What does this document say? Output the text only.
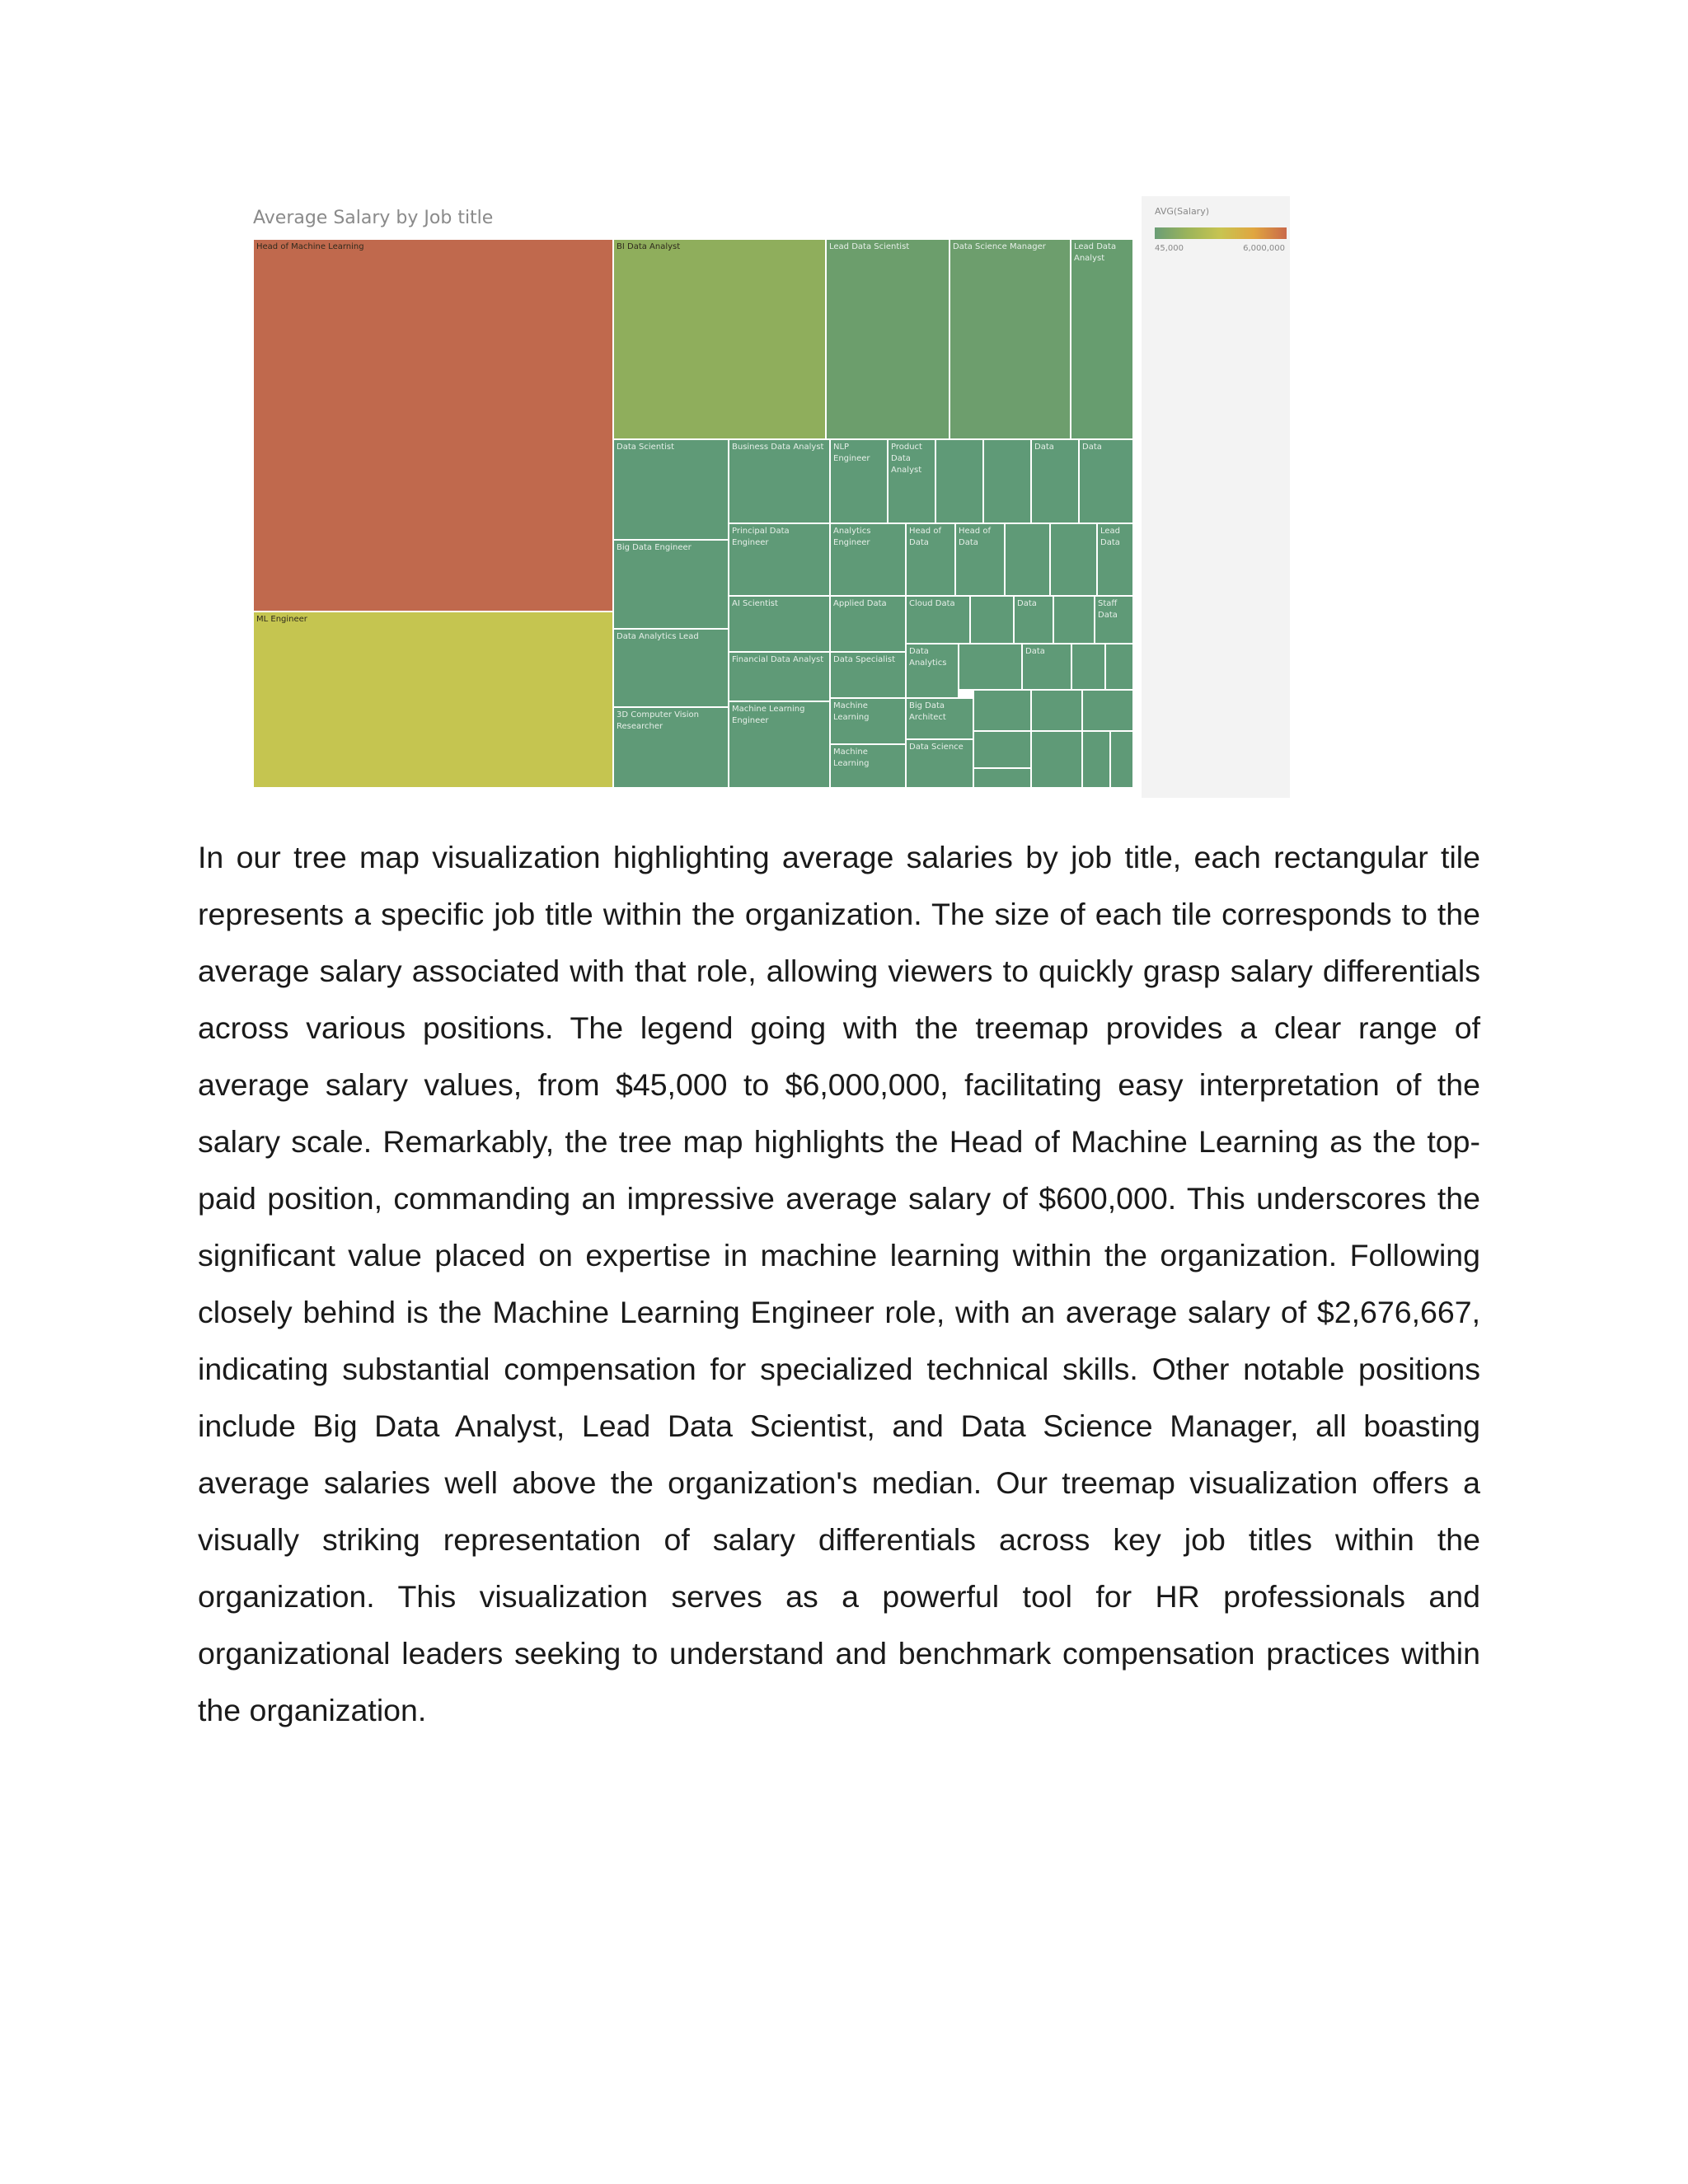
Average Salary by Job title
Head of Machine Learning
ML Engineer
BI Data Analyst	Lead Data Scientist	Data Science Manager	Lead Data Analyst
Data Scientist	Business Data Analyst	NLP Engineer
Product Data Analyst
Data	Data
Big Data Engineer
Principal Data Engineer
Analytics Engineer
Head of Data
Head of Data
Lead Data
AI Scientist	Applied Data	Cloud Data	Data	Staff Data
Data Analytics Lead
Financial Data Analyst	Data Specialist
Data Analytics
Data
3D Computer Vision Researcher
Machine Learning Engineer
Machine Learning
Big Data Architect
Machine Learning
Data Science
AVG(Salary)
45,000	6,000,000

In our tree map visualization highlighting average salaries by job title, each rectangular tile represents a specific job title within the organization. The size of each tile corresponds to the average salary associated with that role, allowing viewers to quickly grasp salary differentials across various positions. The legend going with the treemap provides a clear range of average salary values, from $45,000 to $6,000,000, facilitating easy interpretation of the salary scale. Remarkably, the tree map highlights the Head of Machine Learning as the top-paid position, commanding an impressive average salary of $600,000. This underscores the significant value placed on expertise in machine learning within the organization. Following closely behind is the Machine Learning Engineer role, with an average salary of $2,676,667, indicating substantial compensation for specialized technical skills. Other notable positions include Big Data Analyst, Lead Data Scientist, and Data Science Manager, all boasting average salaries well above the organization's median. Our treemap visualization offers a visually striking representation of salary differentials across key job titles within the organization. This visualization serves as a powerful tool for HR professionals and organizational leaders seeking to understand and benchmark compensation practices within the organization.
